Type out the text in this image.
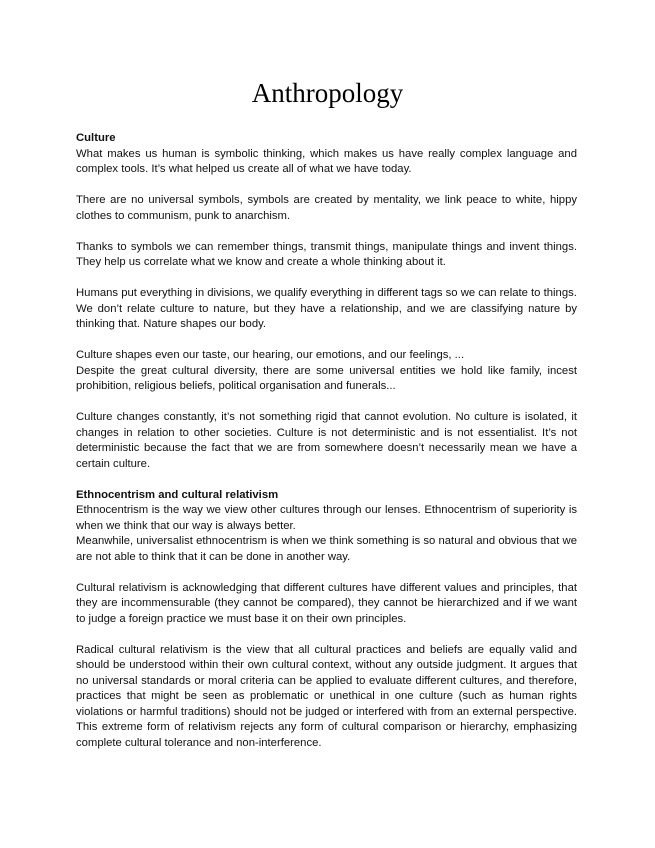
Anthropology

Culture

What makes us human is symbolic thinking, which makes us have really complex language and complex tools. It’s what helped us create all of what we have today.

There are no universal symbols, symbols are created by mentality, we link peace to white, hippy clothes to communism, punk to anarchism.

Thanks to symbols we can remember things, transmit things, manipulate things and invent things. They help us correlate what we know and create a whole thinking about it.

Humans put everything in divisions, we qualify everything in different tags so we can relate to things.

We don’t relate culture to nature, but they have a relationship, and we are classifying nature by thinking that. Nature shapes our body.

Culture shapes even our taste, our hearing, our emotions, and our feelings, ...

Despite the great cultural diversity, there are some universal entities we hold like family, incest prohibition, religious beliefs, political organisation and funerals...

Culture changes constantly, it’s not something rigid that cannot evolution. No culture is isolated, it changes in relation to other societies. Culture is not deterministic and is not essentialist. It’s not deterministic because the fact that we are from somewhere doesn’t necessarily mean we have a certain culture.

Ethnocentrism and cultural relativism

Ethnocentrism is the way we view other cultures through our lenses. Ethnocentrism of superiority is when we think that our way is always better.

Meanwhile, universalist ethnocentrism is when we think something is so natural and obvious that we are not able to think that it can be done in another way.

Cultural relativism is acknowledging that different cultures have different values and principles, that they are incommensurable (they cannot be compared), they cannot be hierarchized and if we want to judge a foreign practice we must base it on their own principles.

Radical cultural relativism is the view that all cultural practices and beliefs are equally valid and should be understood within their own cultural context, without any outside judgment. It argues that no universal standards or moral criteria can be applied to evaluate different cultures, and therefore, practices that might be seen as problematic or unethical in one culture (such as human rights violations or harmful traditions) should not be judged or interfered with from an external perspective. This extreme form of relativism rejects any form of cultural comparison or hierarchy, emphasizing complete cultural tolerance and non-interference.
